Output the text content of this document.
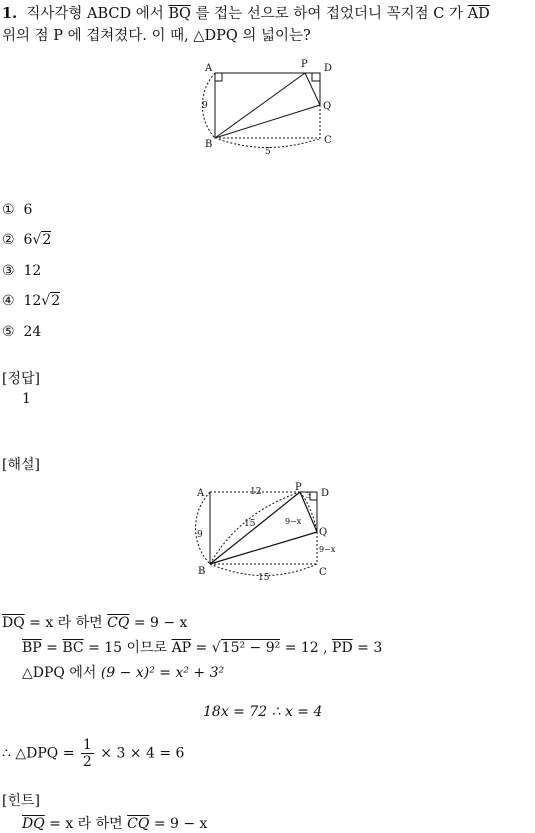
1. 직사각형 ABCD 에서 $\overline{BQ}$ 를 접는 선으로 하여 접었더니 꼭지점 C 가 $\overline{AD}$
위의 점 P 에 겹쳐졌다. 이 때, △DPQ 의 넓이는?
A	P D
Q
B	C
9
5
① 6
② 6√2
③ 12
④ 12√2
⑤ 24
[정답]
1
[해설]
A
P
D
Q
B	C
12	3
9
15	9−x
9−x
15
$\overline{DQ} = x$ 라 하면 $\overline{CQ} = 9 - x$
$\overline{BP} = \overline{BC} = 15$ 이므로 $\overline{AP} = √15^2 - 9^2 = 12$ , $\overline{PD} = 3$
△DPQ 에서 (9 − x)² = x² + 3²
18x = 72 ∴ x = 4
∴ △DPQ = $\frac{1}{2} \times 3 \times 4 = 6$
[힌트]
$\overline{DQ} = x$ 라 하면 $\overline{CQ} = 9 - x$
